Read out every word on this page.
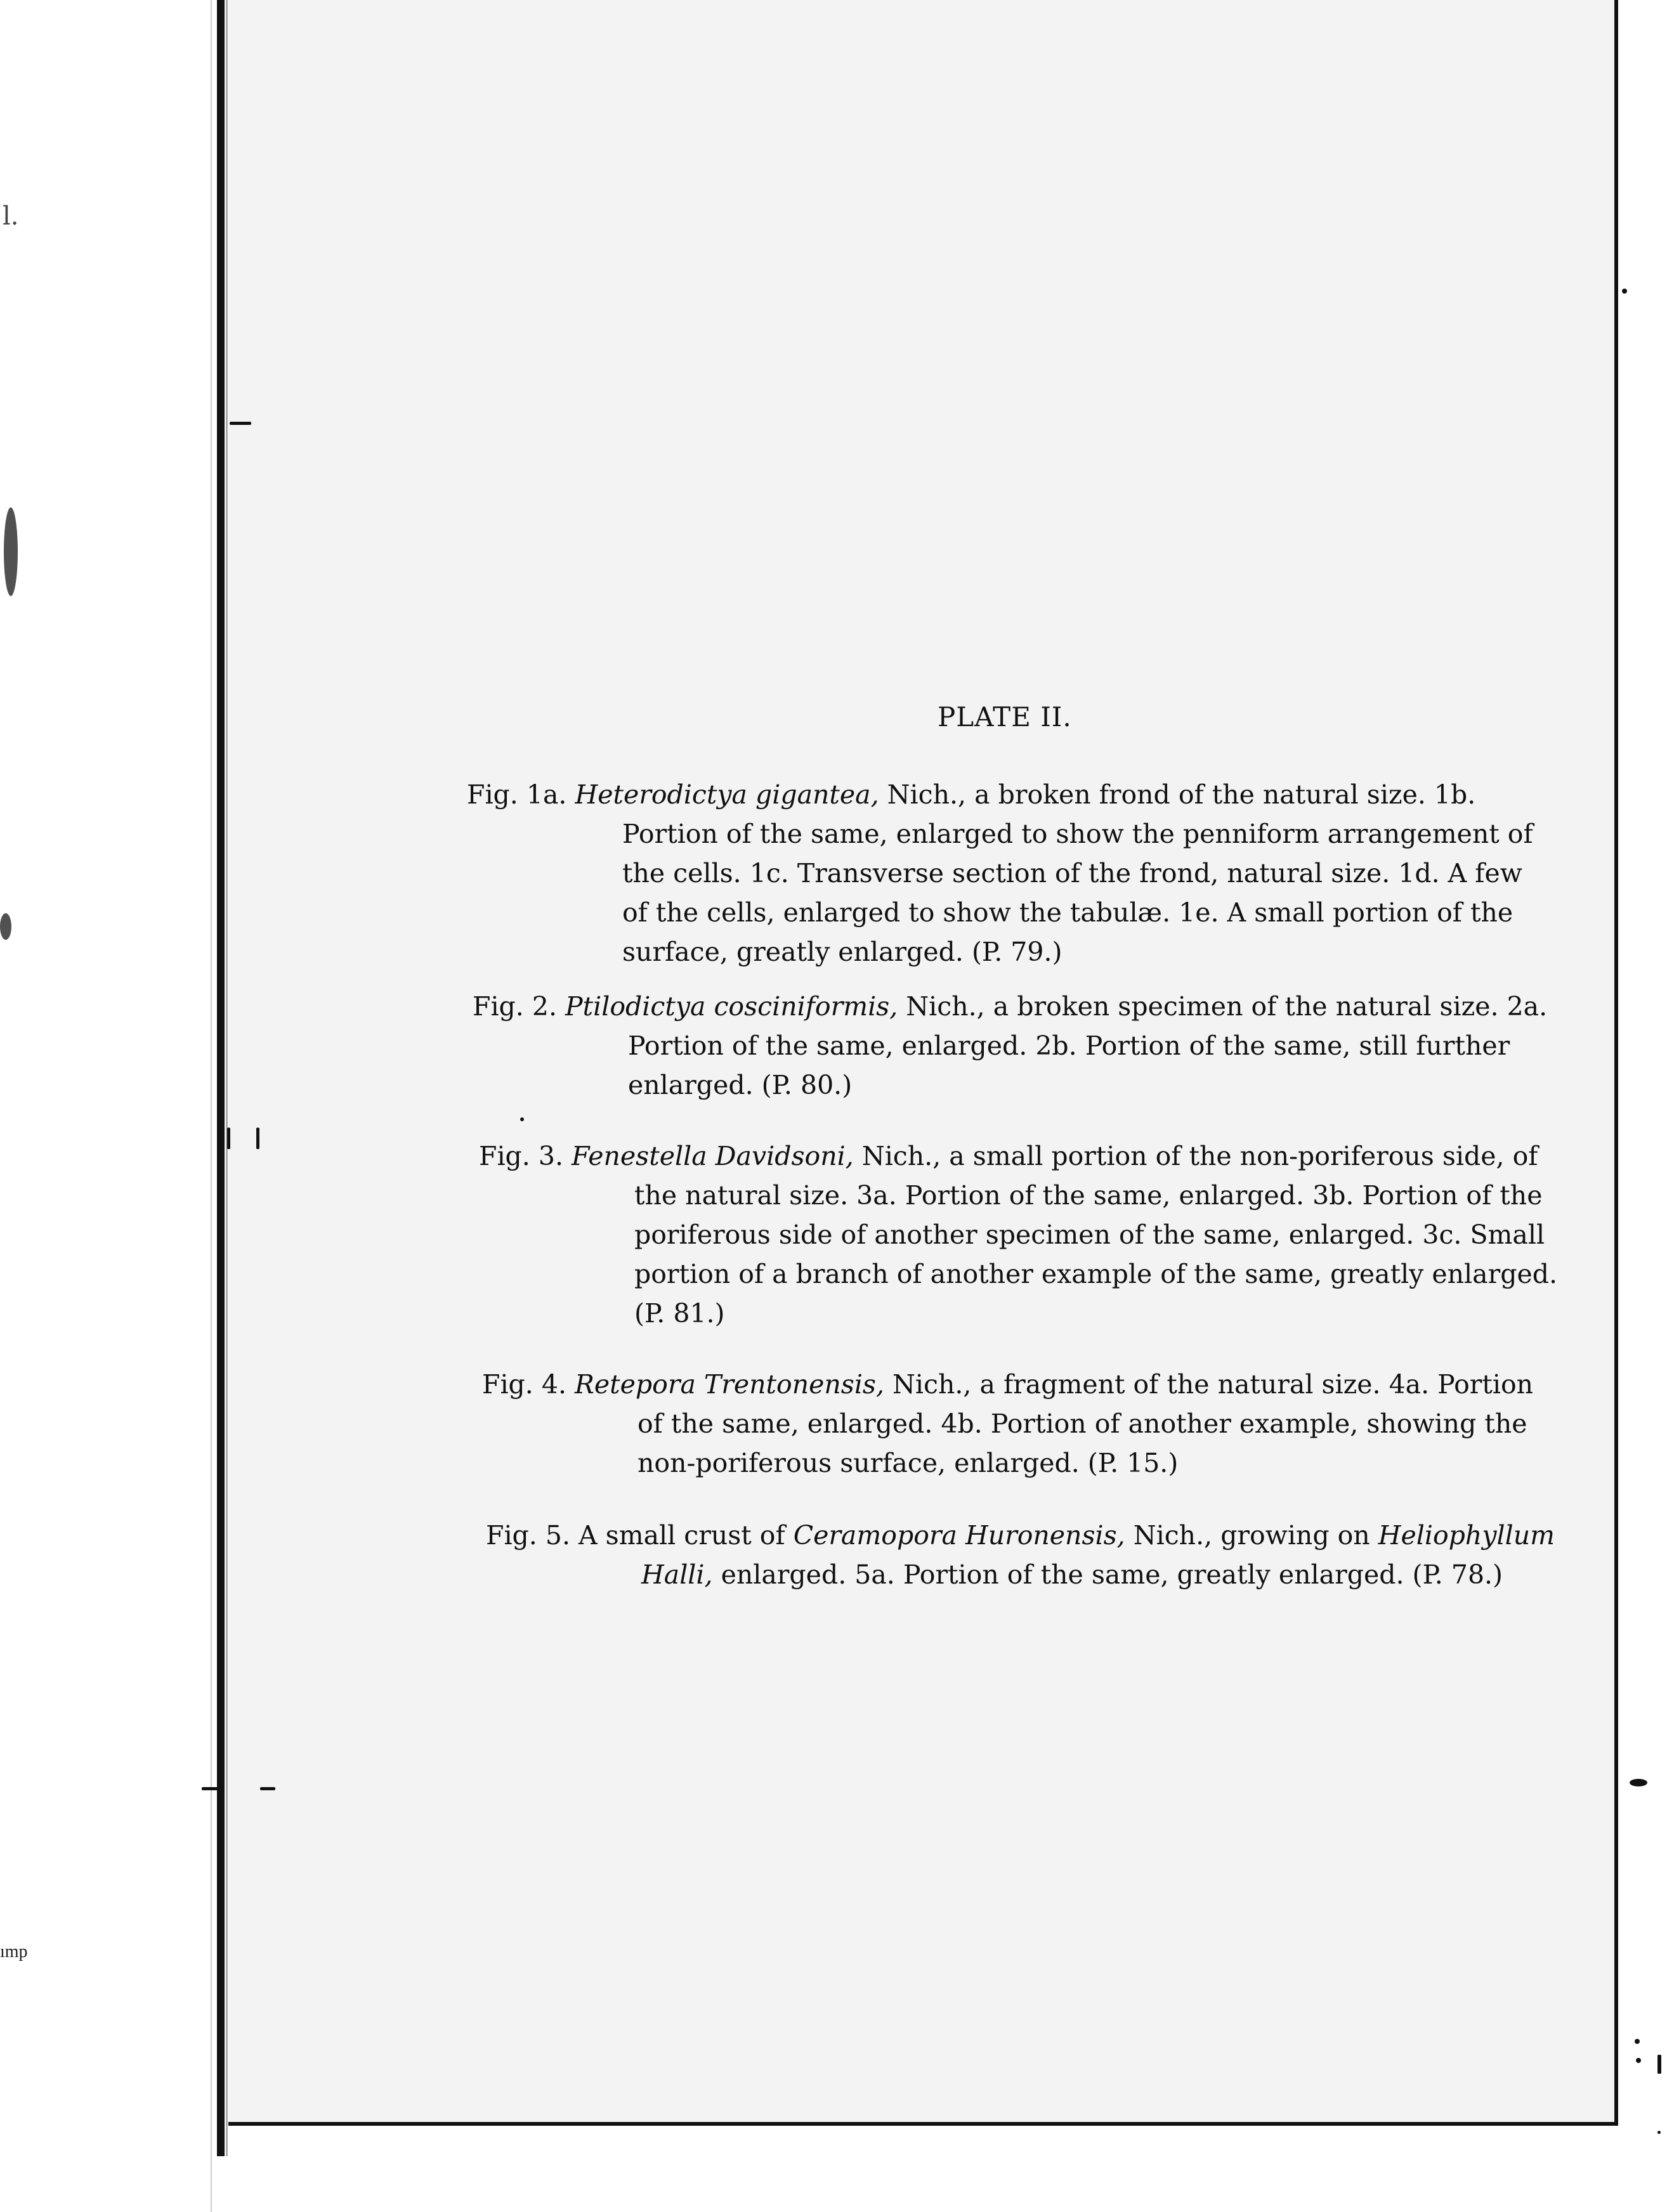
l.
ımp
PLATE II.

Fig. 1a. Heterodictya gigantea, Nich., a broken frond of the natural size. 1b.

Portion of the same, enlarged to show the penniform arrangement of

the cells. 1c. Transverse section of the frond, natural size. 1d. A few

of the cells, enlarged to show the tabulæ. 1e. A small portion of the

surface, greatly enlarged. (P. 79.)

Fig. 2. Ptilodictya cosciniformis, Nich., a broken specimen of the natural size. 2a.

Portion of the same, enlarged. 2b. Portion of the same, still further

enlarged. (P. 80.)

Fig. 3. Fenestella Davidsoni, Nich., a small portion of the non-poriferous side, of

the natural size. 3a. Portion of the same, enlarged. 3b. Portion of the

poriferous side of another specimen of the same, enlarged. 3c. Small

portion of a branch of another example of the same, greatly enlarged.

(P. 81.)

Fig. 4. Retepora Trentonensis, Nich., a fragment of the natural size. 4a. Portion

of the same, enlarged. 4b. Portion of another example, showing the

non-poriferous surface, enlarged. (P. 15.)

Fig. 5. A small crust of Ceramopora Huronensis, Nich., growing on Heliophyllum

Halli, enlarged. 5a. Portion of the same, greatly enlarged. (P. 78.)
